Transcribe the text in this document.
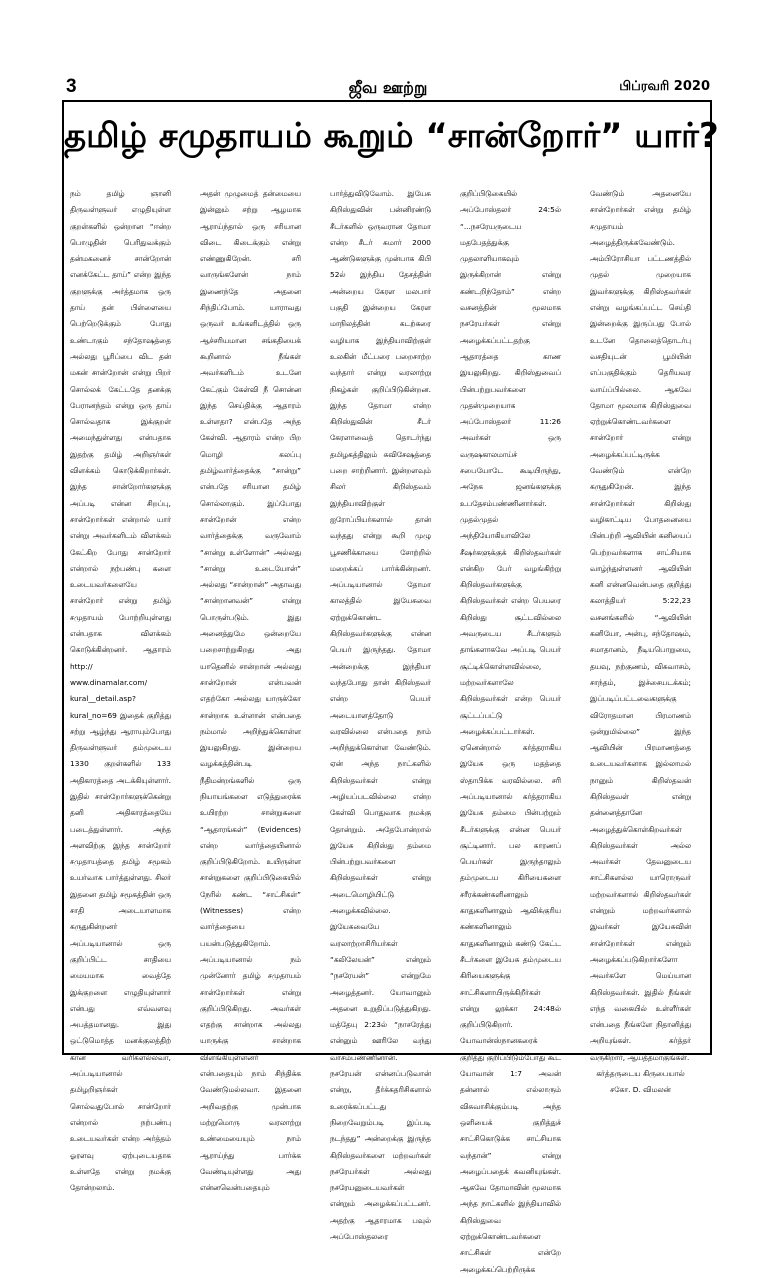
3	ஜீவ ஊற்று	பிப்ரவரி 2020
தமிழ் சமுதாயம் கூறும் “சான்றோர்” யார்?

நம் தமிழ் ஞானி திருவள்ளுவர் எழுதியுள்ள குறள்களில் ஒன்றான “ஈன்ற பொழுதின் பெரிதுவக்கும் தன்மகனைச் சான்றோன் எனக்கேட்ட தாய்” என்ற இந்த குறளுக்கு அர்த்தமாக ஒரு தாய் தன் பிள்ளையை பெற்றெடுக்கும் போது உண்டாகும் சந்தோஷத்தை அல்லது பூரிப்பை விட தன் மகன் சான்றோன் என்று பிறர் சொல்லக் கேட்டதே தனக்கு பேரானந்தம் என்று ஒரு தாய் சொல்வதாக இக்குறள் அமைந்துள்ளது என்பதாக இதற்கு தமிழ் அறிஞர்கள் விளக்கம் கொடுக்கிறார்கள். இந்த சான்றோர்களுக்கு அப்படி என்ன சிறப்பு, சான்றோர்கள் என்றால் யார் என்று அவர்களிடம் விளக்கம் கேட்கிற போது சான்றோர் என்றால் நற்பண்பு களை உடையவர்களையே சான்றோர் என்று தமிழ் சமுதாயம் போற்றியுள்ளது என்பதாக விளக்கம் கொடுக்கின்றனர். ஆதாரம் http:// www.dinamalar.com/ kural__detail.asp?kural_no=69 இதைக் குறித்து சற்று ஆழ்ந்து ஆராயும்போது திருவள்ளுவர் தம்முடைய 1330 குறள்களில் 133 அதிகாரத்தை அடக்கியுள்ளார். இதில் சான்றோர்களுக்கென்று தனி அதிகாரத்தையே படைத்துள்ளார். அந்த அளவிற்கு இந்த சான்றோர் சமுதாயத்தை தமிழ் சமூகம் உயர்வாக பார்த்துள்ளது. சிலர் இதனை தமிழ் சமூகத்தின் ஒரு சாதி அடையாளமாக கருதுகின்றனர் அப்படியானால் ஒரு குறிப்பிட்ட சாதியை மையமாக வைத்தே இக்குறளை எழுதியுள்ளார் என்பது எவ்வளவு அபத்தமானது. இது ஒட்டுமொத்த மனக்குலத்திற் கான வரிகளல்லவா, அப்படியானால் தமிழறிஞர்கள் சொல்வதுபோல் சான்றோர் என்றால் நற்பண்பு உடையவர்கள் என்ற அர்த்தம் ஓரளவு ஏற்புடையதாக உள்ளதே என்று நமக்கு தோன்றலாம்.

அதன் முழுமைத் தன்மையை இன்னும் சற்று ஆழமாக ஆராய்ந்தால் ஒரு சரியான விடை கிடைக்கும் என்று எண்ணுகிறேன். சரி வாருங்களேன் நாம் இணைந்தே அதனை சிந்திப்போம். யாராவது ஒருவர் உங்களிடத்தில் ஒரு ஆச்சரியமான சங்கதியைக் கூறினால் நீங்கள் அவர்களிடம் உடனே கேட்கும் கேள்வி நீ சொன்ன இந்த செய்திக்கு ஆதாரம் உள்ளதா? என்பதே அந்த கேள்வி. ஆதாரம் என்ற பிற மொழி கலப்பு தமிழ்வார்த்தைக்கு “சான்று” என்பதே சரியான தமிழ் சொல்லாகும். இப்போது சான்றோன் என்ற வார்த்தைக்கு வருவோம் “சான்று உள்ளோன்” அல்லது “சான்று உடையோன்” அல்லது “சான்றான்” அதாவது “சான்றானவன்” என்று பொருள்படும். இது அனைத்துமே ஒன்றையே பறைசாற்றுகிறது அது யாதெனில் சான்றான் அல்லது சான்றோன் என்பவன் எதற்கோ அல்லது யாருக்கோ சான்றாக உள்ளான் என்பதை நம்மால் அறிந்துக்கொள்ள இயலுகிறது. இன்றைய வழக்கத்தின்படி நீதிமன்றங்களில் ஒரு நியாயங்களை எடுத்துரைக்க உயிரற்ற சான்றுகளை “ஆதாரங்கள்” (Evidences) என்ற வார்த்தையினால் குறிப்பிடுகிறோம். உயிருள்ள சான்றுகளை குறிப்பிடுகையில் நேரில் கண்ட “சாட்சிகள்” (Witnesses) என்ற வார்த்தையை பயன்படுத்துகிறோம். அப்படியானால் நம் முன்னோர் தமிழ் சமுதாயம் சான்றோர்கள் என்று குறிப்பிடுகிறது. அவர்கள் எதற்கு சான்றாக அல்லது யாருக்கு சான்றாக விளங்கியுள்ளனர் என்பதையும் நாம் சிந்திக்க வேண்டுமல்லவா. இதனை அறிவதற்கு முன்பாக மற்றுமொரு வரலாற்று உண்மையையும் நாம் ஆராய்ந்து பார்க்க வேண்டியுள்ளது அது என்னவென்பதையும்

பார்த்துவிடுவோம். இயேசு கிறிஸ்துவின் பன்னிரண்டு சீடர்களில் ஒருவரான தோமா என்ற சீடர் சுமார் 2000 ஆண்டுகளுக்கு முன்பாக கிபி 52ல் இந்திய தேசத்தின் அன்றைய கேரள மலபார் பகுதி இன்றைய கேரள மாநிலத்தின் கடற்கரை வழியாக இந்தியாவிற்குள் உலகின் மீட்பரை பறைசாற்ற வந்தார் என்று வரலாற்று நிகழ்கள் குறிப்பிடுகின்றன. இந்த தோமா என்ற கிறிஸ்துவின் சீடர் கேரளாவைத் தொடர்ந்து தமிழகத்திலும் சுவிசேஷத்தை பறை சாற்றினார். இன்றளவும் சிலர் கிறிஸ்தவம் இந்தியாவிற்குள் ஐரோப்பியர்களால் தான் வந்தது என்று கூறி முழு பூசணிக்காயை சோற்றில் மறைக்கப் பார்க்கின்றனர். அப்படியானால் தோமா காலத்தில் இயேசுவை ஏற்றுக்கொண்ட கிறிஸ்தவர்களுக்கு என்ன பெயர் இருந்தது. தோமா அன்றைக்கு இந்தியா வந்தபோது தான் கிறிஸ்தவர் என்ற பெயர் அடையாளத்தோடு வரவில்லை என்பதை நாம் அறிந்துக்கொள்ள வேண்டும். ஏன் அந்த நாட்களில் கிறிஸ்தவர்கள் என்று அழியப்படவில்லை என்ற கேள்வி பொதுவாக நமக்கு தோன்றும். அதேபோன்றால் இயேசு கிறிஸ்து தம்மை பின்பற்றுபவர்களை கிறிஸ்தவர்கள் என்று அடைமொழியிட்டு அழைக்கவில்லை. இயேசுவையே வரலாற்றாசிரியர்கள் “கலிலேயன்” என்றும் “நசரேயன்” என்றுமே அழைத்தனர். யோவானும் அதனை உறுதிப்படுத்துகிறது. மத்தேயு 2:23ல் “நாசரேத்து என்னும் ஊரிலே வந்து வாசம்பண்ணினான். நசரேயன் என்னப்படுவான் என்று, தீர்க்கதரிசிகளால் உரைக்கப்பட்டது நிறைவேறும்படி இப்படி நடந்தது” அன்றைக்கு இருந்த கிறிஸ்தவர்களை மற்றவர்கள் நசரேயர்கள் அல்லது நசரேயனுடையவர்கள் என்றும் அழைக்கப்பட்டனர். அதற்கு ஆதாரமாக பவுல் அப்போஸ்தலரை

குறிப்பிடுகையில் அப்போஸ்தலர் 24:5ல் “...நசரேயருடைய மதபேதத்துக்கு முதலாளியாகவும் இருக்கிறான் என்று கண்டறிந்தோம்” என்ற வசனத்தின் மூலமாக நசரேயர்கள் என்று அழைக்கப்பட்டதற்கு ஆதாரத்தை காண இயலுகிறது. கிறிஸ்துவைப் பின்பற்றுபவர்களை முதன்முறையாக அப்போஸ்தலர் 11:26 அவர்கள் ஒரு வருஷகாலமாய்ச் சபையோடே கூடியிருந்து, அநேக ஜனங்களுக்கு உபதேசம்பண்ணினார்கள். முதல்முதல் அந்தியோகியாவிலே சீஷர்களுக்குக் கிறிஸ்தவர்கள் என்கிற பேர் வழங்கிற்று கிறிஸ்தவர்களுக்கு கிறிஸ்தவர்கள் என்ற பெயரை கிறிஸ்து சூட்டவில்லை அவருடைய சீடர்களும் தாங்களாகவே அப்படி பெயர் சூட்டிக்கொள்ளவில்லை, மற்றவர்களாலே கிறிஸ்தவர்கள் என்ற பெயர் சூட்டப்பட்டு அழைக்கப்பட்டார்கள். ஏனென்றால் கர்த்தராகிய இயேசு ஒரு மதத்தை ஸ்தாபிக்க வரவில்லை. சரி அப்படியானால் கர்த்தராகிய இயேசு தம்மை பின்பற்றும் சீடர்களுக்கு என்ன பெயர் சூட்டினார். பல காரணப் பெயர்கள் இருந்தாலும் தம்முடைய கிரியைகளை சரீரக்கண்களினாலும் காதுகளினாலும் ஆவிக்குரிய கண்களினாலும் காதுகளினாலும் கண்டு கேட்ட சீடர்களை இயேசு தம்முடைய கிரியைகளுக்கு சாட்சிகளாயிருக்கிறீர்கள் என்று லூக்கா 24:48ல் குறிப்பிடுகிறார். யோவான்ஸ்நானகரைக் குறித்து குறிப்பிடும்போது கூட யோவான் 1:7 அவன் தன்னால் எல்லாரும் விசுவாசிக்கும்படி அந்த ஒளியைக் குறித்துச் சாட்சிகொடுக்க சாட்சியாக வந்தான்” என்று அழைப்பதைக் கவனியுங்கள். ஆகவே தோமாவின் மூலமாக அந்த நாட்களில் இந்தியாவில் கிறிஸ்துவை ஏற்றுக்கொண்டவர்களை சாட்சிகள் என்றே அழைக்கப்பெற்றிருக்க

வேண்டும் அதனையே சான்றோர்கள் என்று தமிழ் சமுதாயம் அழைத்திருக்கவேண்டும். அம்பிரோசியா பட்டணத்தில் முதல் முறையாக இவர்களுக்கு கிறிஸ்தவர்கள் என்று வழங்கப்பட்ட செய்தி இன்றைக்கு இருப்பது போல் உடனே தொலைத்தொடர்பு வசதியுடன் பூமியின் எப்பகுதிக்கும் தெரியவர வாய்ப்பில்லை. ஆகவே தோமா மூலமாக கிறிஸ்துவை ஏற்றுக்கொண்டவர்களை சான்றோர் என்று அழைக்கப்பட்டிருக்க வேண்டும் என்றே கருதுகிறேன். இந்த சான்றோர்கள் கிறிஸ்து வழிகாட்டிய போதனையை பின்பற்றி ஆவியின் கனியைப் பெற்றவர்களாக சாட்சியாக வாழ்ந்துள்ளனர் ஆவியின் கனி என்னவென்பதை குறித்து கலாத்தியர் 5:22,23 வசனங்களில் “ஆவியின் கனியோ, அன்பு, சந்தோஷம், சமாதானம், நீடியபொறுமை, தயவு, நற்குணம், விசுவாசம், சாந்தம், இச்சையடக்கம்; இப்படிப்பட்டவைகளுக்கு விரோதமான பிரமாணம் ஒன்றுமில்லை” இந்த ஆவியின் பிரமாணத்தை உடையவர்களாக இல்லாமல் நானும் கிறிஸ்தவன் கிறிஸ்தவள் என்று தன்னைத்தானே அழைத்துக்கொள்கிறவர்கள் கிறிஸ்தவர்கள் அல்ல அவர்கள் தேவனுடைய சாட்சிகளல்ல யாரொருவர் மற்றவர்களால் கிறிஸ்தவர்கள் என்றும் மற்றவர்களால் இவர்கள் இயேசுவின் சான்றோர்கள் என்றும் அழைக்கப்படுகிறார்களோ அவர்களே மெய்யான கிறிஸ்தவர்கள். இதில் நீங்கள் எந்த வகையில் உள்ளீர்கள் என்பதை நீங்களே நிதானித்து அறியுங்கள். கர்த்தர் வருகிறார், ஆயத்தமாகுங்கள்.

கர்த்தருடைய கிருபையால்

சகோ. D. விமலன்
